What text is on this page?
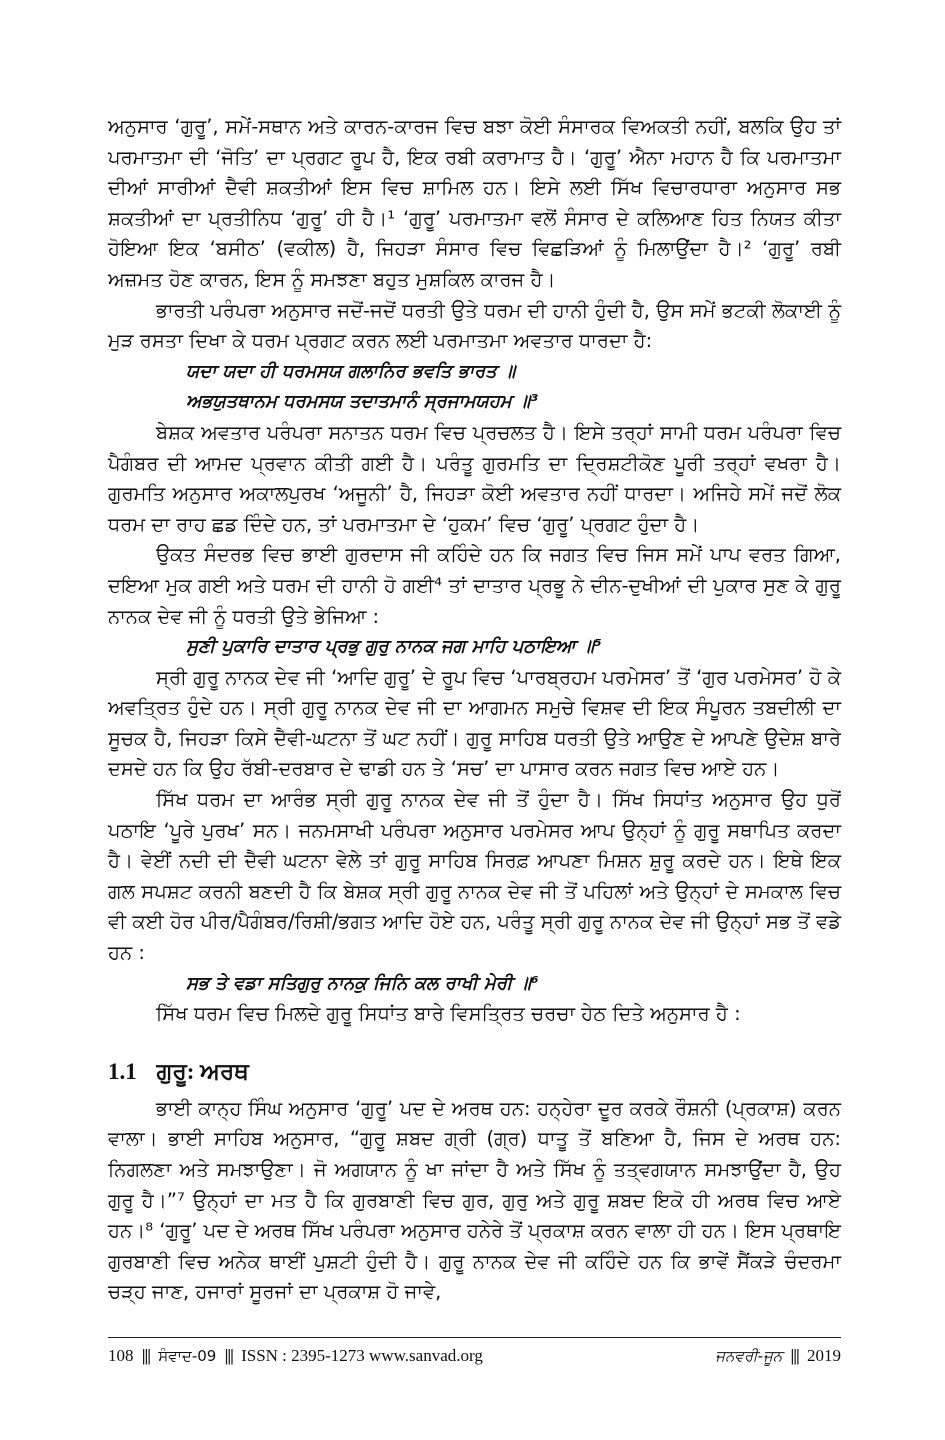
ਅਨੁਸਾਰ ‘ਗੁਰੂ’, ਸਮੇਂ-ਸਥਾਨ ਅਤੇ ਕਾਰਨ-ਕਾਰਜ ਵਿਚ ਬਝਾ ਕੋਈ ਸੰਸਾਰਕ ਵਿਅਕਤੀ ਨਹੀਂ, ਬਲਕਿ ਉਹ ਤਾਂ ਪਰਮਾਤਮਾ ਦੀ ‘ਜੋਤਿ’ ਦਾ ਪ੍ਰਗਟ ਰੂਪ ਹੈ, ਇਕ ਰਬੀ ਕਰਾਮਾਤ ਹੈ। ‘ਗੁਰੂ’ ਐਨਾ ਮਹਾਨ ਹੈ ਕਿ ਪਰਮਾਤਮਾ ਦੀਆਂ ਸਾਰੀਆਂ ਦੈਵੀ ਸ਼ਕਤੀਆਂ ਇਸ ਵਿਚ ਸ਼ਾਮਿਲ ਹਨ। ਇਸੇ ਲਈ ਸਿੱਖ ਵਿਚਾਰਧਾਰਾ ਅਨੁਸਾਰ ਸਭ ਸ਼ਕਤੀਆਂ ਦਾ ਪ੍ਰਤੀਨਿਧ ‘ਗੁਰੂ’ ਹੀ ਹੈ।¹ ‘ਗੁਰੂ’ ਪਰਮਾਤਮਾ ਵਲੋਂ ਸੰਸਾਰ ਦੇ ਕਲਿਆਣ ਹਿਤ ਨਿਯਤ ਕੀਤਾ ਹੋਇਆ ਇਕ ‘ਬਸੀਠ’ (ਵਕੀਲ) ਹੈ, ਜਿਹੜਾ ਸੰਸਾਰ ਵਿਚ ਵਿਛੜਿਆਂ ਨੂੰ ਮਿਲਾਉਂਦਾ ਹੈ।² ‘ਗੁਰੂ’ ਰਬੀ ਅਜ਼ਮਤ ਹੋਣ ਕਾਰਨ, ਇਸ ਨੂੰ ਸਮਝਣਾ ਬਹੁਤ ਮੁਸ਼ਕਿਲ ਕਾਰਜ ਹੈ।

ਭਾਰਤੀ ਪਰੰਪਰਾ ਅਨੁਸਾਰ ਜਦੋਂ-ਜਦੋਂ ਧਰਤੀ ਉਤੇ ਧਰਮ ਦੀ ਹਾਨੀ ਹੁੰਦੀ ਹੈ, ਉਸ ਸਮੇਂ ਭਟਕੀ ਲੋਕਾਈ ਨੂੰ ਮੁੜ ਰਸਤਾ ਦਿਖਾ ਕੇ ਧਰਮ ਪ੍ਰਗਟ ਕਰਨ ਲਈ ਪਰਮਾਤਮਾ ਅਵਤਾਰ ਧਾਰਦਾ ਹੈ:

ਯਦਾ ਯਦਾ ਹੀ ਧਰਮਸਯ ਗਲਾਨਿਰ ਭਵਤਿ ਭਾਰਤ ॥
ਅਭਯੁਤਥਾਨਮ ਧਰਮਸਯ ਤਦਾਤਮਾਨੰ ਸ੍ਰਜਾਮਯਹਮ ॥³

ਬੇਸ਼ਕ ਅਵਤਾਰ ਪਰੰਪਰਾ ਸਨਾਤਨ ਧਰਮ ਵਿਚ ਪ੍ਰਚਲਤ ਹੈ। ਇਸੇ ਤਰ੍ਹਾਂ ਸਾਮੀ ਧਰਮ ਪਰੰਪਰਾ ਵਿਚ ਪੈਗੰਬਰ ਦੀ ਆਮਦ ਪ੍ਰਵਾਨ ਕੀਤੀ ਗਈ ਹੈ। ਪਰੰਤੂ ਗੁਰਮਤਿ ਦਾ ਦ੍ਰਿਸ਼ਟੀਕੋਣ ਪੂਰੀ ਤਰ੍ਹਾਂ ਵਖਰਾ ਹੈ। ਗੁਰਮਤਿ ਅਨੁਸਾਰ ਅਕਾਲਪੁਰਖ ‘ਅਜੂਨੀ’ ਹੈ, ਜਿਹੜਾ ਕੋਈ ਅਵਤਾਰ ਨਹੀਂ ਧਾਰਦਾ। ਅਜਿਹੇ ਸਮੇਂ ਜਦੋਂ ਲੋਕ ਧਰਮ ਦਾ ਰਾਹ ਛਡ ਦਿੰਦੇ ਹਨ, ਤਾਂ ਪਰਮਾਤਮਾ ਦੇ ‘ਹੁਕਮ’ ਵਿਚ ‘ਗੁਰੂ’ ਪ੍ਰਗਟ ਹੁੰਦਾ ਹੈ।

ਉਕਤ ਸੰਦਰਭ ਵਿਚ ਭਾਈ ਗੁਰਦਾਸ ਜੀ ਕਹਿੰਦੇ ਹਨ ਕਿ ਜਗਤ ਵਿਚ ਜਿਸ ਸਮੇਂ ਪਾਪ ਵਰਤ ਗਿਆ, ਦਇਆ ਮੁਕ ਗਈ ਅਤੇ ਧਰਮ ਦੀ ਹਾਨੀ ਹੋ ਗਈ⁴ ਤਾਂ ਦਾਤਾਰ ਪ੍ਰਭੂ ਨੇ ਦੀਨ-ਦੁਖੀਆਂ ਦੀ ਪੁਕਾਰ ਸੁਣ ਕੇ ਗੁਰੂ ਨਾਨਕ ਦੇਵ ਜੀ ਨੂੰ ਧਰਤੀ ਉਤੇ ਭੇਜਿਆ :

ਸੁਣੀ ਪੁਕਾਰਿ ਦਾਤਾਰ ਪ੍ਰਭੁ ਗੁਰੁ ਨਾਨਕ ਜਗ ਮਾਹਿ ਪਠਾਇਆ ॥⁵

ਸ੍ਰੀ ਗੁਰੂ ਨਾਨਕ ਦੇਵ ਜੀ ‘ਆਦਿ ਗੁਰੂ’ ਦੇ ਰੂਪ ਵਿਚ ‘ਪਾਰਬ੍ਰਹਮ ਪਰਮੇਸਰ’ ਤੋਂ ‘ਗੁਰ ਪਰਮੇਸਰ’ ਹੋ ਕੇ ਅਵਤ੍ਰਿਤ ਹੁੰਦੇ ਹਨ। ਸ੍ਰੀ ਗੁਰੂ ਨਾਨਕ ਦੇਵ ਜੀ ਦਾ ਆਗਮਨ ਸਮੁਚੇ ਵਿਸ਼ਵ ਦੀ ਇਕ ਸੰਪੂਰਨ ਤਬਦੀਲੀ ਦਾ ਸੂਚਕ ਹੈ, ਜਿਹੜਾ ਕਿਸੇ ਦੈਵੀ-ਘਟਨਾ ਤੋਂ ਘਟ ਨਹੀਂ। ਗੁਰੂ ਸਾਹਿਬ ਧਰਤੀ ਉਤੇ ਆਉਣ ਦੇ ਆਪਣੇ ਉਦੇਸ਼ ਬਾਰੇ ਦਸਦੇ ਹਨ ਕਿ ਉਹ ਰੱਬੀ-ਦਰਬਾਰ ਦੇ ਢਾਡੀ ਹਨ ਤੇ ‘ਸਚ’ ਦਾ ਪਾਸਾਰ ਕਰਨ ਜਗਤ ਵਿਚ ਆਏ ਹਨ।

ਸਿੱਖ ਧਰਮ ਦਾ ਆਰੰਭ ਸ੍ਰੀ ਗੁਰੂ ਨਾਨਕ ਦੇਵ ਜੀ ਤੋਂ ਹੁੰਦਾ ਹੈ। ਸਿੱਖ ਸਿਧਾਂਤ ਅਨੁਸਾਰ ਉਹ ਧੁਰੋਂ ਪਠਾਇ ‘ਪੂਰੇ ਪੁਰਖ’ ਸਨ। ਜਨਮਸਾਖੀ ਪਰੰਪਰਾ ਅਨੁਸਾਰ ਪਰਮੇਸਰ ਆਪ ਉਨ੍ਹਾਂ ਨੂੰ ਗੁਰੂ ਸਥਾਪਿਤ ਕਰਦਾ ਹੈ। ਵੇਈਂ ਨਦੀ ਦੀ ਦੈਵੀ ਘਟਨਾ ਵੇਲੇ ਤਾਂ ਗੁਰੂ ਸਾਹਿਬ ਸਿਰਫ਼ ਆਪਣਾ ਮਿਸ਼ਨ ਸ਼ੁਰੂ ਕਰਦੇ ਹਨ। ਇਥੇ ਇਕ ਗਲ ਸਪਸ਼ਟ ਕਰਨੀ ਬਣਦੀ ਹੈ ਕਿ ਬੇਸ਼ਕ ਸ੍ਰੀ ਗੁਰੂ ਨਾਨਕ ਦੇਵ ਜੀ ਤੋਂ ਪਹਿਲਾਂ ਅਤੇ ਉਨ੍ਹਾਂ ਦੇ ਸਮਕਾਲ ਵਿਚ ਵੀ ਕਈ ਹੋਰ ਪੀਰ/ਪੈਗੰਬਰ/ਰਿਸ਼ੀ/ਭਗਤ ਆਦਿ ਹੋਏ ਹਨ, ਪਰੰਤੂ ਸ੍ਰੀ ਗੁਰੂ ਨਾਨਕ ਦੇਵ ਜੀ ਉਨ੍ਹਾਂ ਸਭ ਤੋਂ ਵਡੇ ਹਨ :

ਸਭ ਤੇ ਵਡਾ ਸਤਿਗੁਰੁ ਨਾਨਕੁ ਜਿਨਿ ਕਲ ਰਾਖੀ ਮੇਰੀ ॥⁶

ਸਿੱਖ ਧਰਮ ਵਿਚ ਮਿਲਦੇ ਗੁਰੂ ਸਿਧਾਂਤ ਬਾਰੇ ਵਿਸਤ੍ਰਿਤ ਚਰਚਾ ਹੇਠ ਦਿਤੇ ਅਨੁਸਾਰ ਹੈ :

1.1 ਗੁਰੂ: ਅਰਥ

ਭਾਈ ਕਾਨ੍ਹ ਸਿੰਘ ਅਨੁਸਾਰ ‘ਗੁਰੂ’ ਪਦ ਦੇ ਅਰਥ ਹਨ: ਹਨ੍ਹੇਰਾ ਦੂਰ ਕਰਕੇ ਰੌਸ਼ਨੀ (ਪ੍ਰਕਾਸ਼) ਕਰਨ ਵਾਲਾ। ਭਾਈ ਸਾਹਿਬ ਅਨੁਸਾਰ, “ਗੁਰੂ ਸ਼ਬਦ ਗ੍ਰੀ (ਗ੍ਰ) ਧਾਤੂ ਤੋਂ ਬਣਿਆ ਹੈ, ਜਿਸ ਦੇ ਅਰਥ ਹਨ: ਨਿਗਲਣਾ ਅਤੇ ਸਮਝਾਉਣਾ। ਜੋ ਅਗਯਾਨ ਨੂੰ ਖਾ ਜਾਂਦਾ ਹੈ ਅਤੇ ਸਿੱਖ ਨੂੰ ਤਤ੍ਵਗਯਾਨ ਸਮਝਾਉਂਦਾ ਹੈ, ਉਹ ਗੁਰੂ ਹੈ।”⁷ ਉਨ੍ਹਾਂ ਦਾ ਮਤ ਹੈ ਕਿ ਗੁਰਬਾਣੀ ਵਿਚ ਗੁਰ, ਗੁਰੁ ਅਤੇ ਗੁਰੂ ਸ਼ਬਦ ਇਕੋ ਹੀ ਅਰਥ ਵਿਚ ਆਏ ਹਨ।⁸ ‘ਗੁਰੂ’ ਪਦ ਦੇ ਅਰਥ ਸਿੱਖ ਪਰੰਪਰਾ ਅਨੁਸਾਰ ਹਨੇਰੇ ਤੋਂ ਪ੍ਰਕਾਸ਼ ਕਰਨ ਵਾਲਾ ਹੀ ਹਨ। ਇਸ ਪ੍ਰਥਾਇ ਗੁਰਬਾਣੀ ਵਿਚ ਅਨੇਕ ਥਾਈਂ ਪੁਸ਼ਟੀ ਹੁੰਦੀ ਹੈ। ਗੁਰੂ ਨਾਨਕ ਦੇਵ ਜੀ ਕਹਿੰਦੇ ਹਨ ਕਿ ਭਾਵੇਂ ਸੈਂਕੜੇ ਚੰਦਰਮਾ ਚੜ੍ਹ ਜਾਣ, ਹਜਾਰਾਂ ਸੂਰਜਾਂ ਦਾ ਪ੍ਰਕਾਸ਼ ਹੋ ਜਾਵੇ,

108 ||| ਸੰਵਾਦ-09 ||| ISSN : 2395-1273 www.sanvad.org	ਜਨਵਰੀ-ਜੂਨ ||| 2019
